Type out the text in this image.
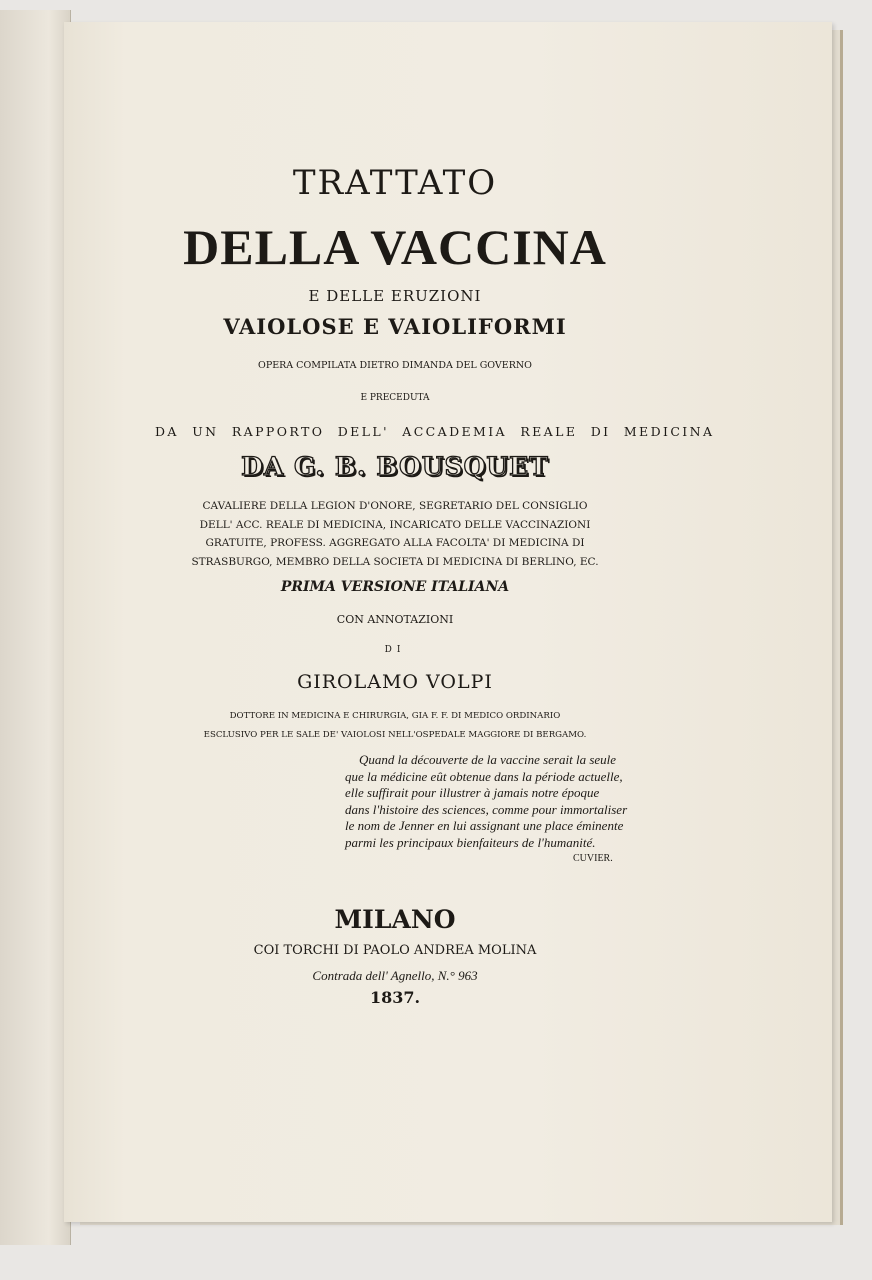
TRATTATO
DELLA VACCINA
E DELLE ERUZIONI
VAIOLOSE E VAIOLIFORMI
OPERA COMPILATA DIETRO DIMANDA DEL GOVERNO
E PRECEDUTA
DA UN RAPPORTO DELL' ACCADEMIA REALE DI MEDICINA
DA G. B. BOUSQUET
CAVALIERE DELLA LEGION D'ONORE, SEGRETARIO DEL CONSIGLIO
DELL' ACC. REALE DI MEDICINA, INCARICATO DELLE VACCINAZIONI
GRATUITE, PROFESS. AGGREGATO ALLA FACOLTA' DI MEDICINA DI
STRASBURGO, MEMBRO DELLA SOCIETA DI MEDICINA DI BERLINO, EC.
PRIMA VERSIONE ITALIANA
CON ANNOTAZIONI
DI
GIROLAMO VOLPI
DOTTORE IN MEDICINA E CHIRURGIA, GIA F. F. DI MEDICO ORDINARIO
ESCLUSIVO PER LE SALE DE' VAIOLOSI NELL'OSPEDALE MAGGIORE DI BERGAMO.
Quand la découverte de la vaccine serait la seule
que la médicine eût obtenue dans la période actuelle,
elle suffirait pour illustrer à jamais notre époque
dans l'histoire des sciences, comme pour immortaliser
le nom de Jenner en lui assignant une place éminente
parmi les principaux bienfaiteurs de l'humanité.
CUVIER.
MILANO
COI TORCHI DI PAOLO ANDREA MOLINA
Contrada dell' Agnello, N.° 963
1837.
